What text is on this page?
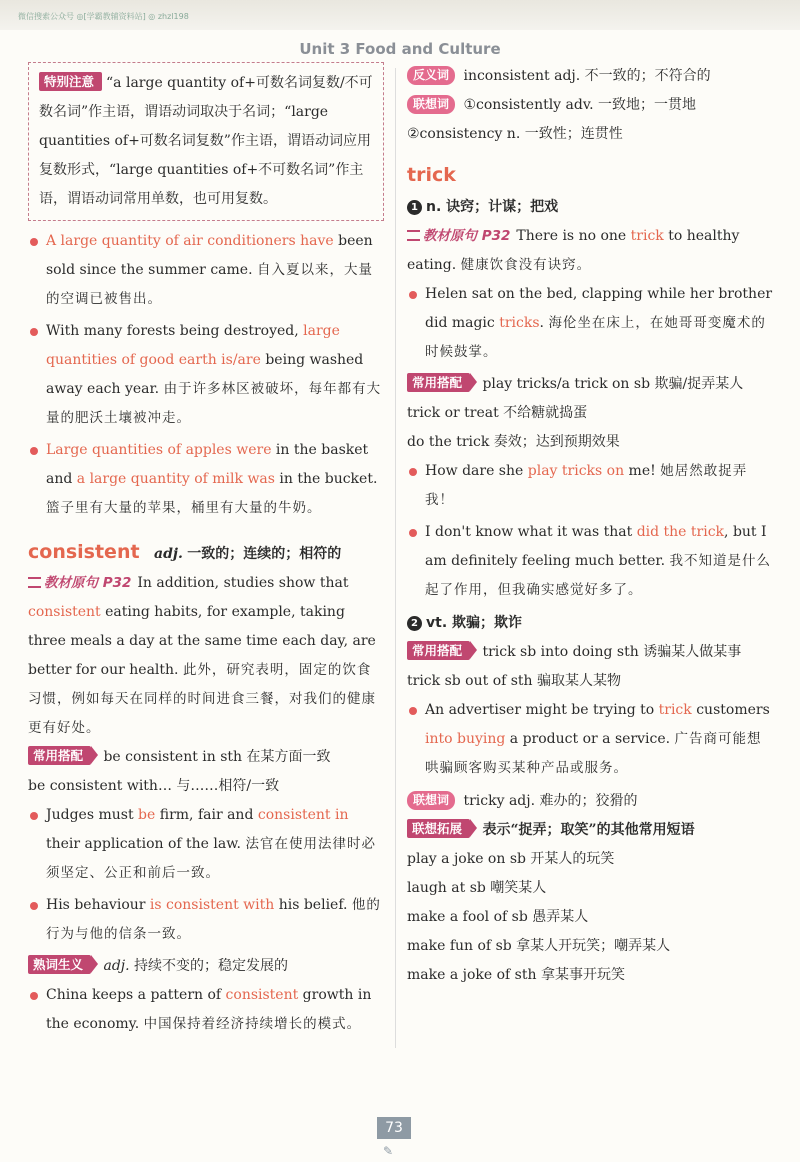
微信搜索公众号 ◎[学霸教辅资料站] ◎ zhzl198
Unit 3 Food and Culture
特别注意 “a large quantity of+可数名词复数/不可数名词”作主语，谓语动词取决于名词；“large quantities of+可数名词复数”作主语，谓语动词应用复数形式，“large quantities of+不可数名词”作主语，谓语动词常用单数，也可用复数。
A large quantity of air conditioners have been sold since the summer came. 自入夏以来，大量的空调已被售出。
With many forests being destroyed, large quantities of good earth is/are being washed away each year. 由于许多林区被破坏，每年都有大量的肥沃土壤被冲走。
Large quantities of apples were in the basket and a large quantity of milk was in the bucket. 篮子里有大量的苹果，桶里有大量的牛奶。
consistent adj. 一致的；连续的；相符的
教材原句 P32 In addition, studies show that consistent eating habits, for example, taking three meals a day at the same time each day, are better for our health. 此外，研究表明，固定的饮食习惯，例如每天在同样的时间进食三餐，对我们的健康更有好处。
常用搭配 be consistent in sth 在某方面一致
be consistent with… 与……相符/一致
Judges must be firm, fair and consistent in their application of the law. 法官在使用法律时必须坚定、公正和前后一致。
His behaviour is consistent with his belief. 他的行为与他的信条一致。
熟词生义 adj. 持续不变的；稳定发展的
China keeps a pattern of consistent growth in the economy. 中国保持着经济持续增长的模式。
反义词 inconsistent adj. 不一致的；不符合的
联想词 ①consistently adv. 一致地；一贯地
②consistency n. 一致性；连贯性
trick
1 n. 诀窍；计谋；把戏
教材原句 P32 There is no one trick to healthy eating. 健康饮食没有诀窍。
Helen sat on the bed, clapping while her brother did magic tricks. 海伦坐在床上，在她哥哥变魔术的时候鼓掌。
常用搭配 play tricks/a trick on sb 欺骗/捉弄某人
trick or treat 不给糖就捣蛋
do the trick 奏效；达到预期效果
How dare she play tricks on me! 她居然敢捉弄我！
I don't know what it was that did the trick, but I am definitely feeling much better. 我不知道是什么起了作用，但我确实感觉好多了。
2 vt. 欺骗；欺诈
常用搭配 trick sb into doing sth 诱骗某人做某事
trick sb out of sth 骗取某人某物
An advertiser might be trying to trick customers into buying a product or a service. 广告商可能想哄骗顾客购买某种产品或服务。
联想词 tricky adj. 难办的；狡猾的
联想拓展 表示“捉弄；取笑”的其他常用短语
play a joke on sb 开某人的玩笑
laugh at sb 嘲笑某人
make a fool of sb 愚弄某人
make fun of sb 拿某人开玩笑；嘲弄某人
make a joke of sth 拿某事开玩笑
73
✎
